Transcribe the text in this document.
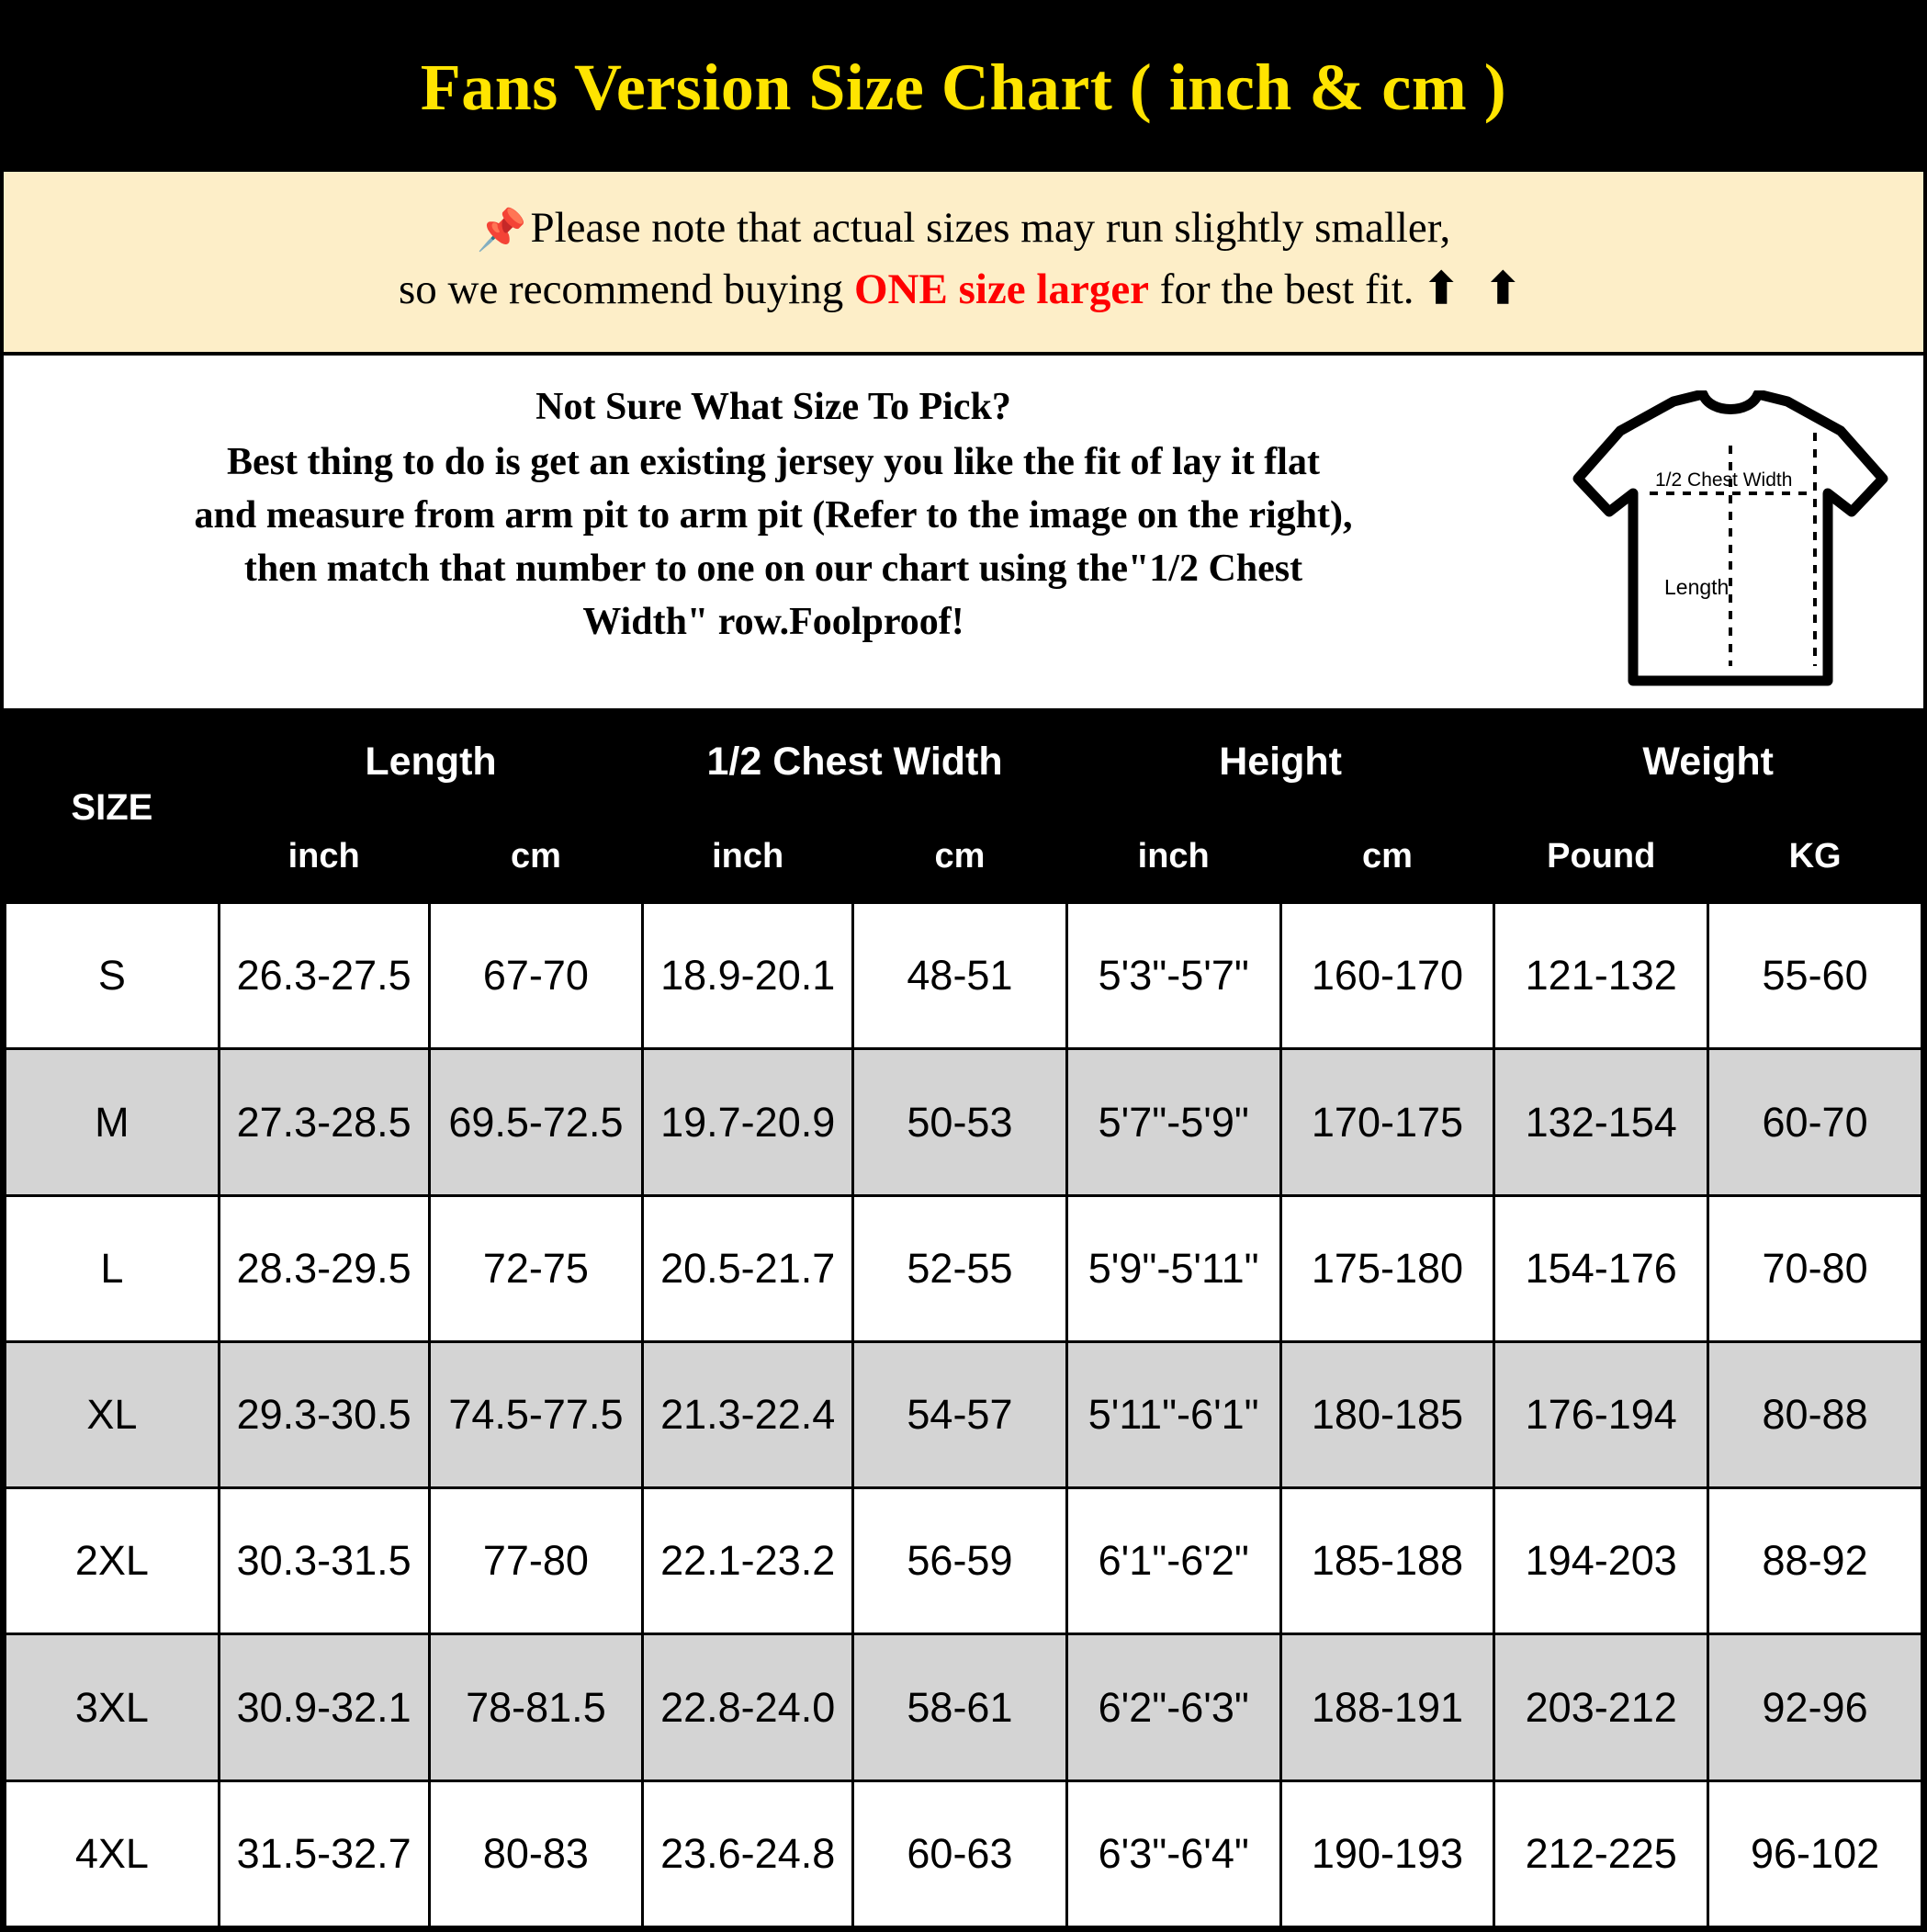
Fans Version Size Chart ( inch & cm )
📌Please note that actual sizes may run slightly smaller,
so we recommend buying ONE size larger for the best fit. ⬆ ⬆
Not Sure What Size To Pick?
Best thing to do is get an existing jersey you like the fit of lay it flat
and measure from arm pit to arm pit (Refer to the image on the right),
then match that number to one on our chart using the"1/2 Chest
Width" row.Foolproof!
1/2 Chest Width
Length
SIZE	Length		1/2 Chest Width		Height		Weight	
	inch	cm	inch	cm	inch	cm	Pound	KG
S	26.3-27.5	67-70	18.9-20.1	48-51	5'3"-5'7"	160-170	121-132	55-60
M	27.3-28.5	69.5-72.5	19.7-20.9	50-53	5'7"-5'9"	170-175	132-154	60-70
L	28.3-29.5	72-75	20.5-21.7	52-55	5'9"-5'11"	175-180	154-176	70-80
XL	29.3-30.5	74.5-77.5	21.3-22.4	54-57	5'11"-6'1"	180-185	176-194	80-88
2XL	30.3-31.5	77-80	22.1-23.2	56-59	6'1"-6'2"	185-188	194-203	88-92
3XL	30.9-32.1	78-81.5	22.8-24.0	58-61	6'2"-6'3"	188-191	203-212	92-96
4XL	31.5-32.7	80-83	23.6-24.8	60-63	6'3"-6'4"	190-193	212-225	96-102
